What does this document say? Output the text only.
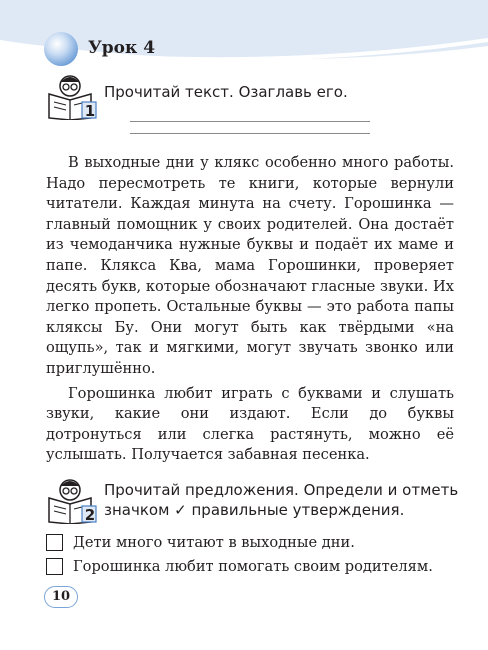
Урок 4
1
Прочитай текст. Озаглавь его.

В выходные дни у клякс особенно много работы. Надо пересмотреть те книги, которые вернули читатели. Каждая минута на счету. Горошинка — главный помощник у своих родителей. Она достаёт из чемоданчика нужные буквы и подаёт их маме и папе. Клякса Ква, мама Горошинки, проверяет десять букв, которые обозначают гласные звуки. Их легко пропеть. Остальные буквы — это работа папы кляксы Бу. Они могут быть как твёрдыми «на ощупь», так и мягкими, могут звучать звонко или приглушённо.

Горошинка любит играть с буквами и слушать звуки, какие они издают. Если до буквы дотронуться или слегка растянуть, можно её услышать. Получается забавная песенка.

2
Прочитай предложения. Определи и отметь
значком ✓ правильные утверждения.
Дети много читают в выходные дни.
Горошинка любит помогать своим родителям.
10
